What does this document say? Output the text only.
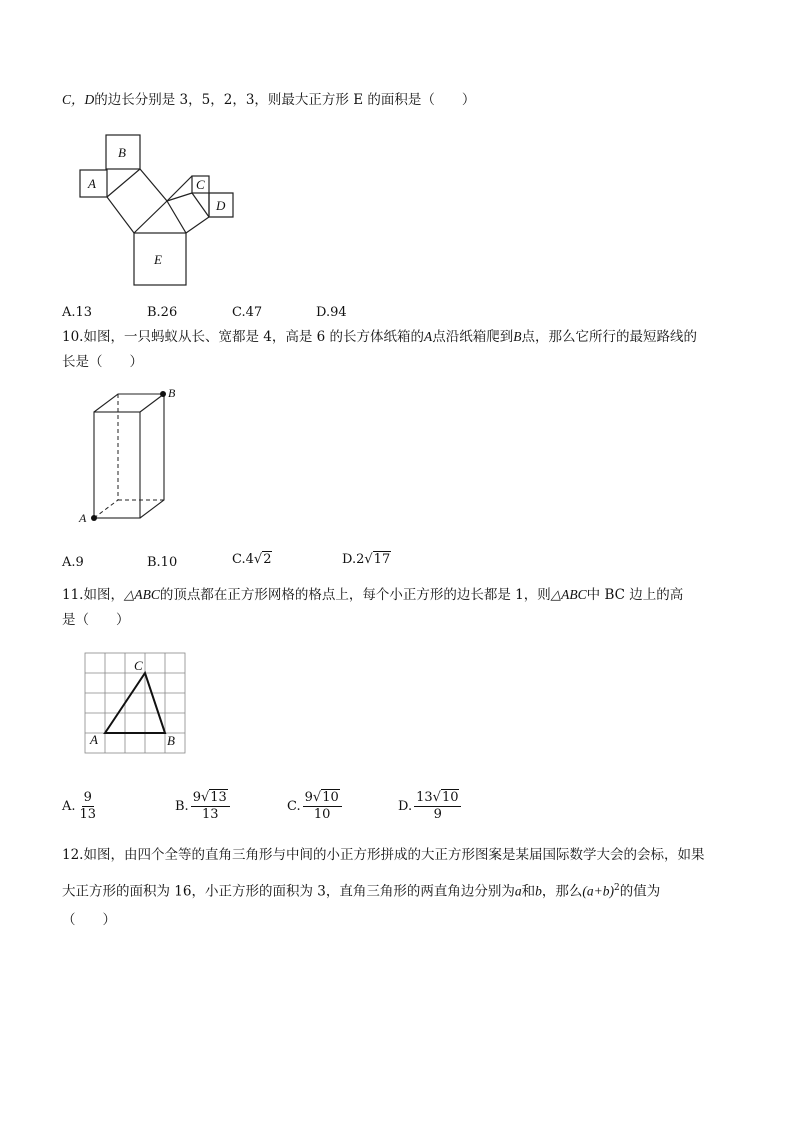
C，D的边长分别是 3，5，2，3，则最大正方形 E 的面积是（　　）
B
A	C
D
E
A.13	B.26	C.47	D.94
10.如图，一只蚂蚁从长、宽都是 4，高是 6 的长方体纸箱的A点沿纸箱爬到B点，那么它所行的最短路线的
长是（　　）
A
B
A.9	B.10	C.4√2	D.2√17
11.如图，△ABC的顶点都在正方形网格的格点上，每个小正方形的边长都是 1，则△ABC中 BC 边上的高
是（　　）
A	B
C
A. $\frac{9}{13}$	B. $\frac{9√13}{13}$	C. $\frac{9√10}{10}$	D. $\frac{13√10}{9}$
12.如图，由四个全等的直角三角形与中间的小正方形拼成的大正方形图案是某届国际数学大会的会标，如果
大正方形的面积为 16，小正方形的面积为 3，直角三角形的两直角边分别为a和b，那么$(a+b)^2$的值为
（　　）
